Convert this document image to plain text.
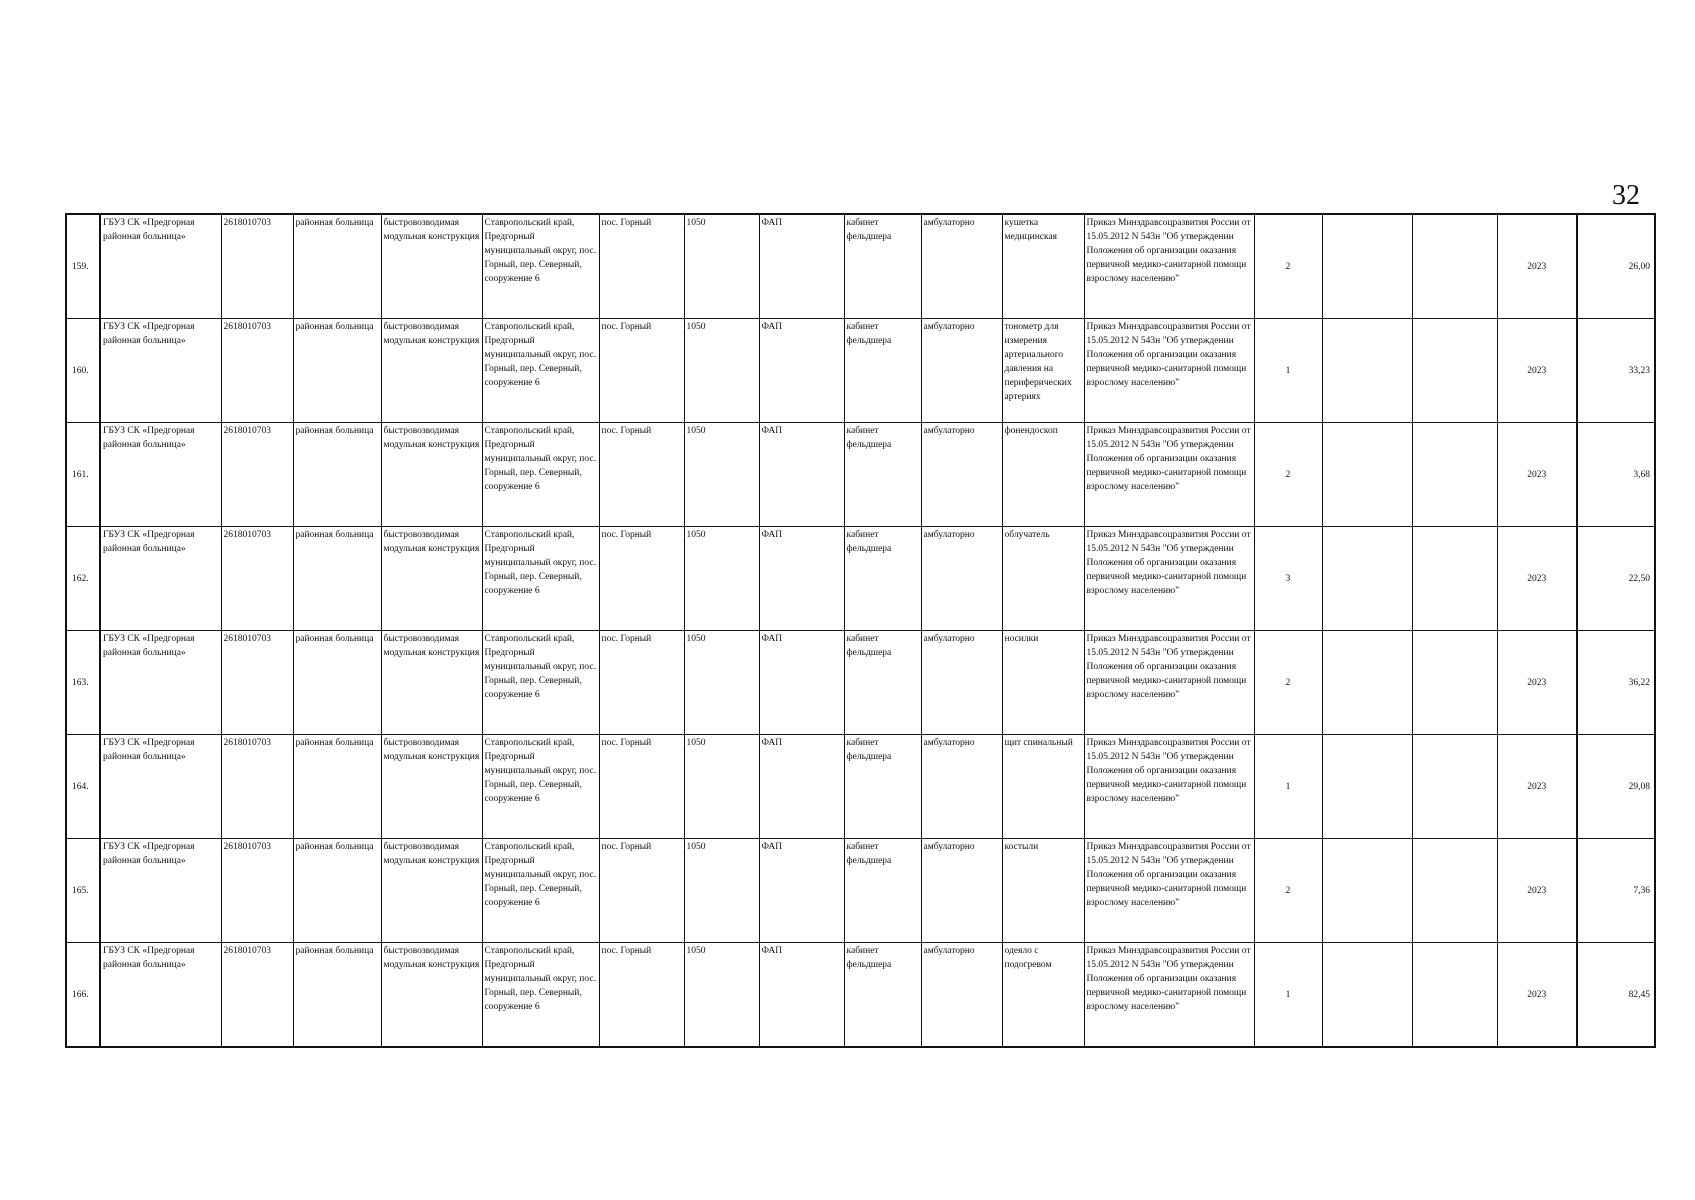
32
159.	ГБУЗ СК «Предгорная районная больница»	2618010703	районная больница	быстровозводимая модульная конструкция	Ставропольский край, Предгорный муниципальный округ, пос. Горный, пер. Северный, сооружение 6	пос. Горный	1050	ФАП	кабинет фельдшера	амбулаторно	кушетка медицинская	Приказ Минздравсоцразвития России от 15.05.2012 N 543н "Об утверждении Положения об организации оказания первичной медико-санитарной помощи взрослому населению"	2			2023	26,00
160.	ГБУЗ СК «Предгорная районная больница»	2618010703	районная больница	быстровозводимая модульная конструкция	Ставропольский край, Предгорный муниципальный округ, пос. Горный, пер. Северный, сооружение 6	пос. Горный	1050	ФАП	кабинет фельдшера	амбулаторно	тонометр для измерения артериального давления на периферических артериях	Приказ Минздравсоцразвития России от 15.05.2012 N 543н "Об утверждении Положения об организации оказания первичной медико-санитарной помощи взрослому населению"	1			2023	33,23
161.	ГБУЗ СК «Предгорная районная больница»	2618010703	районная больница	быстровозводимая модульная конструкция	Ставропольский край, Предгорный муниципальный округ, пос. Горный, пер. Северный, сооружение 6	пос. Горный	1050	ФАП	кабинет фельдшера	амбулаторно	фонендоскоп	Приказ Минздравсоцразвития России от 15.05.2012 N 543н "Об утверждении Положения об организации оказания первичной медико-санитарной помощи взрослому населению"	2			2023	3,68
162.	ГБУЗ СК «Предгорная районная больница»	2618010703	районная больница	быстровозводимая модульная конструкция	Ставропольский край, Предгорный муниципальный округ, пос. Горный, пер. Северный, сооружение 6	пос. Горный	1050	ФАП	кабинет фельдшера	амбулаторно	облучатель	Приказ Минздравсоцразвития России от 15.05.2012 N 543н "Об утверждении Положения об организации оказания первичной медико-санитарной помощи взрослому населению"	3			2023	22,50
163.	ГБУЗ СК «Предгорная районная больница»	2618010703	районная больница	быстровозводимая модульная конструкция	Ставропольский край, Предгорный муниципальный округ, пос. Горный, пер. Северный, сооружение 6	пос. Горный	1050	ФАП	кабинет фельдшера	амбулаторно	носилки	Приказ Минздравсоцразвития России от 15.05.2012 N 543н "Об утверждении Положения об организации оказания первичной медико-санитарной помощи взрослому населению"	2			2023	36,22
164.	ГБУЗ СК «Предгорная районная больница»	2618010703	районная больница	быстровозводимая модульная конструкция	Ставропольский край, Предгорный муниципальный округ, пос. Горный, пер. Северный, сооружение 6	пос. Горный	1050	ФАП	кабинет фельдшера	амбулаторно	щит спинальный	Приказ Минздравсоцразвития России от 15.05.2012 N 543н "Об утверждении Положения об организации оказания первичной медико-санитарной помощи взрослому населению"	1			2023	29,08
165.	ГБУЗ СК «Предгорная районная больница»	2618010703	районная больница	быстровозводимая модульная конструкция	Ставропольский край, Предгорный муниципальный округ, пос. Горный, пер. Северный, сооружение 6	пос. Горный	1050	ФАП	кабинет фельдшера	амбулаторно	костыли	Приказ Минздравсоцразвития России от 15.05.2012 N 543н "Об утверждении Положения об организации оказания первичной медико-санитарной помощи взрослому населению"	2			2023	7,36
166.	ГБУЗ СК «Предгорная районная больница»	2618010703	районная больница	быстровозводимая модульная конструкция	Ставропольский край, Предгорный муниципальный округ, пос. Горный, пер. Северный, сооружение 6	пос. Горный	1050	ФАП	кабинет фельдшера	амбулаторно	одеяло с подогревом	Приказ Минздравсоцразвития России от 15.05.2012 N 543н "Об утверждении Положения об организации оказания первичной медико-санитарной помощи взрослому населению"	1			2023	82,45
